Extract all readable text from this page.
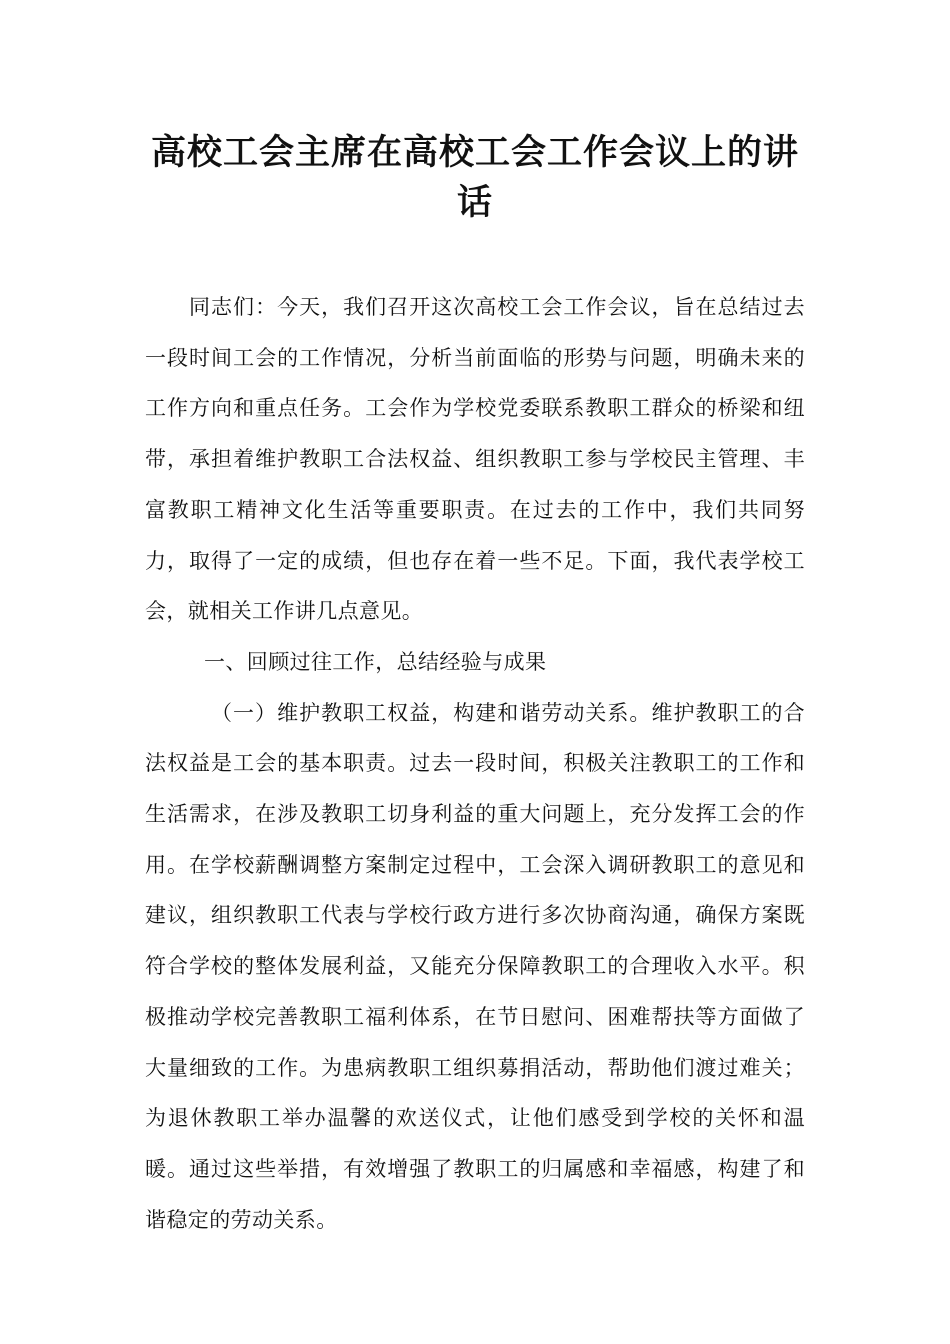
高校工会主席在高校工会工作会议上的讲话

同志们：今天，我们召开这次高校工会工作会议，旨在总结过去一段时间工会的工作情况，分析当前面临的形势与问题，明确未来的工作方向和重点任务。工会作为学校党委联系教职工群众的桥梁和纽带，承担着维护教职工合法权益、组织教职工参与学校民主管理、丰富教职工精神文化生活等重要职责。在过去的工作中，我们共同努力，取得了一定的成绩，但也存在着一些不足。下面，我代表学校工会，就相关工作讲几点意见。

一、回顾过往工作，总结经验与成果

（一）维护教职工权益，构建和谐劳动关系。维护教职工的合法权益是工会的基本职责。过去一段时间，积极关注教职工的工作和生活需求，在涉及教职工切身利益的重大问题上，充分发挥工会的作用。在学校薪酬调整方案制定过程中，工会深入调研教职工的意见和建议，组织教职工代表与学校行政方进行多次协商沟通，确保方案既符合学校的整体发展利益，又能充分保障教职工的合理收入水平。积极推动学校完善教职工福利体系，在节日慰问、困难帮扶等方面做了大量细致的工作。为患病教职工组织募捐活动，帮助他们渡过难关；为退休教职工举办温馨的欢送仪式，让他们感受到学校的关怀和温暖。通过这些举措，有效增强了教职工的归属感和幸福感，构建了和谐稳定的劳动关系。
